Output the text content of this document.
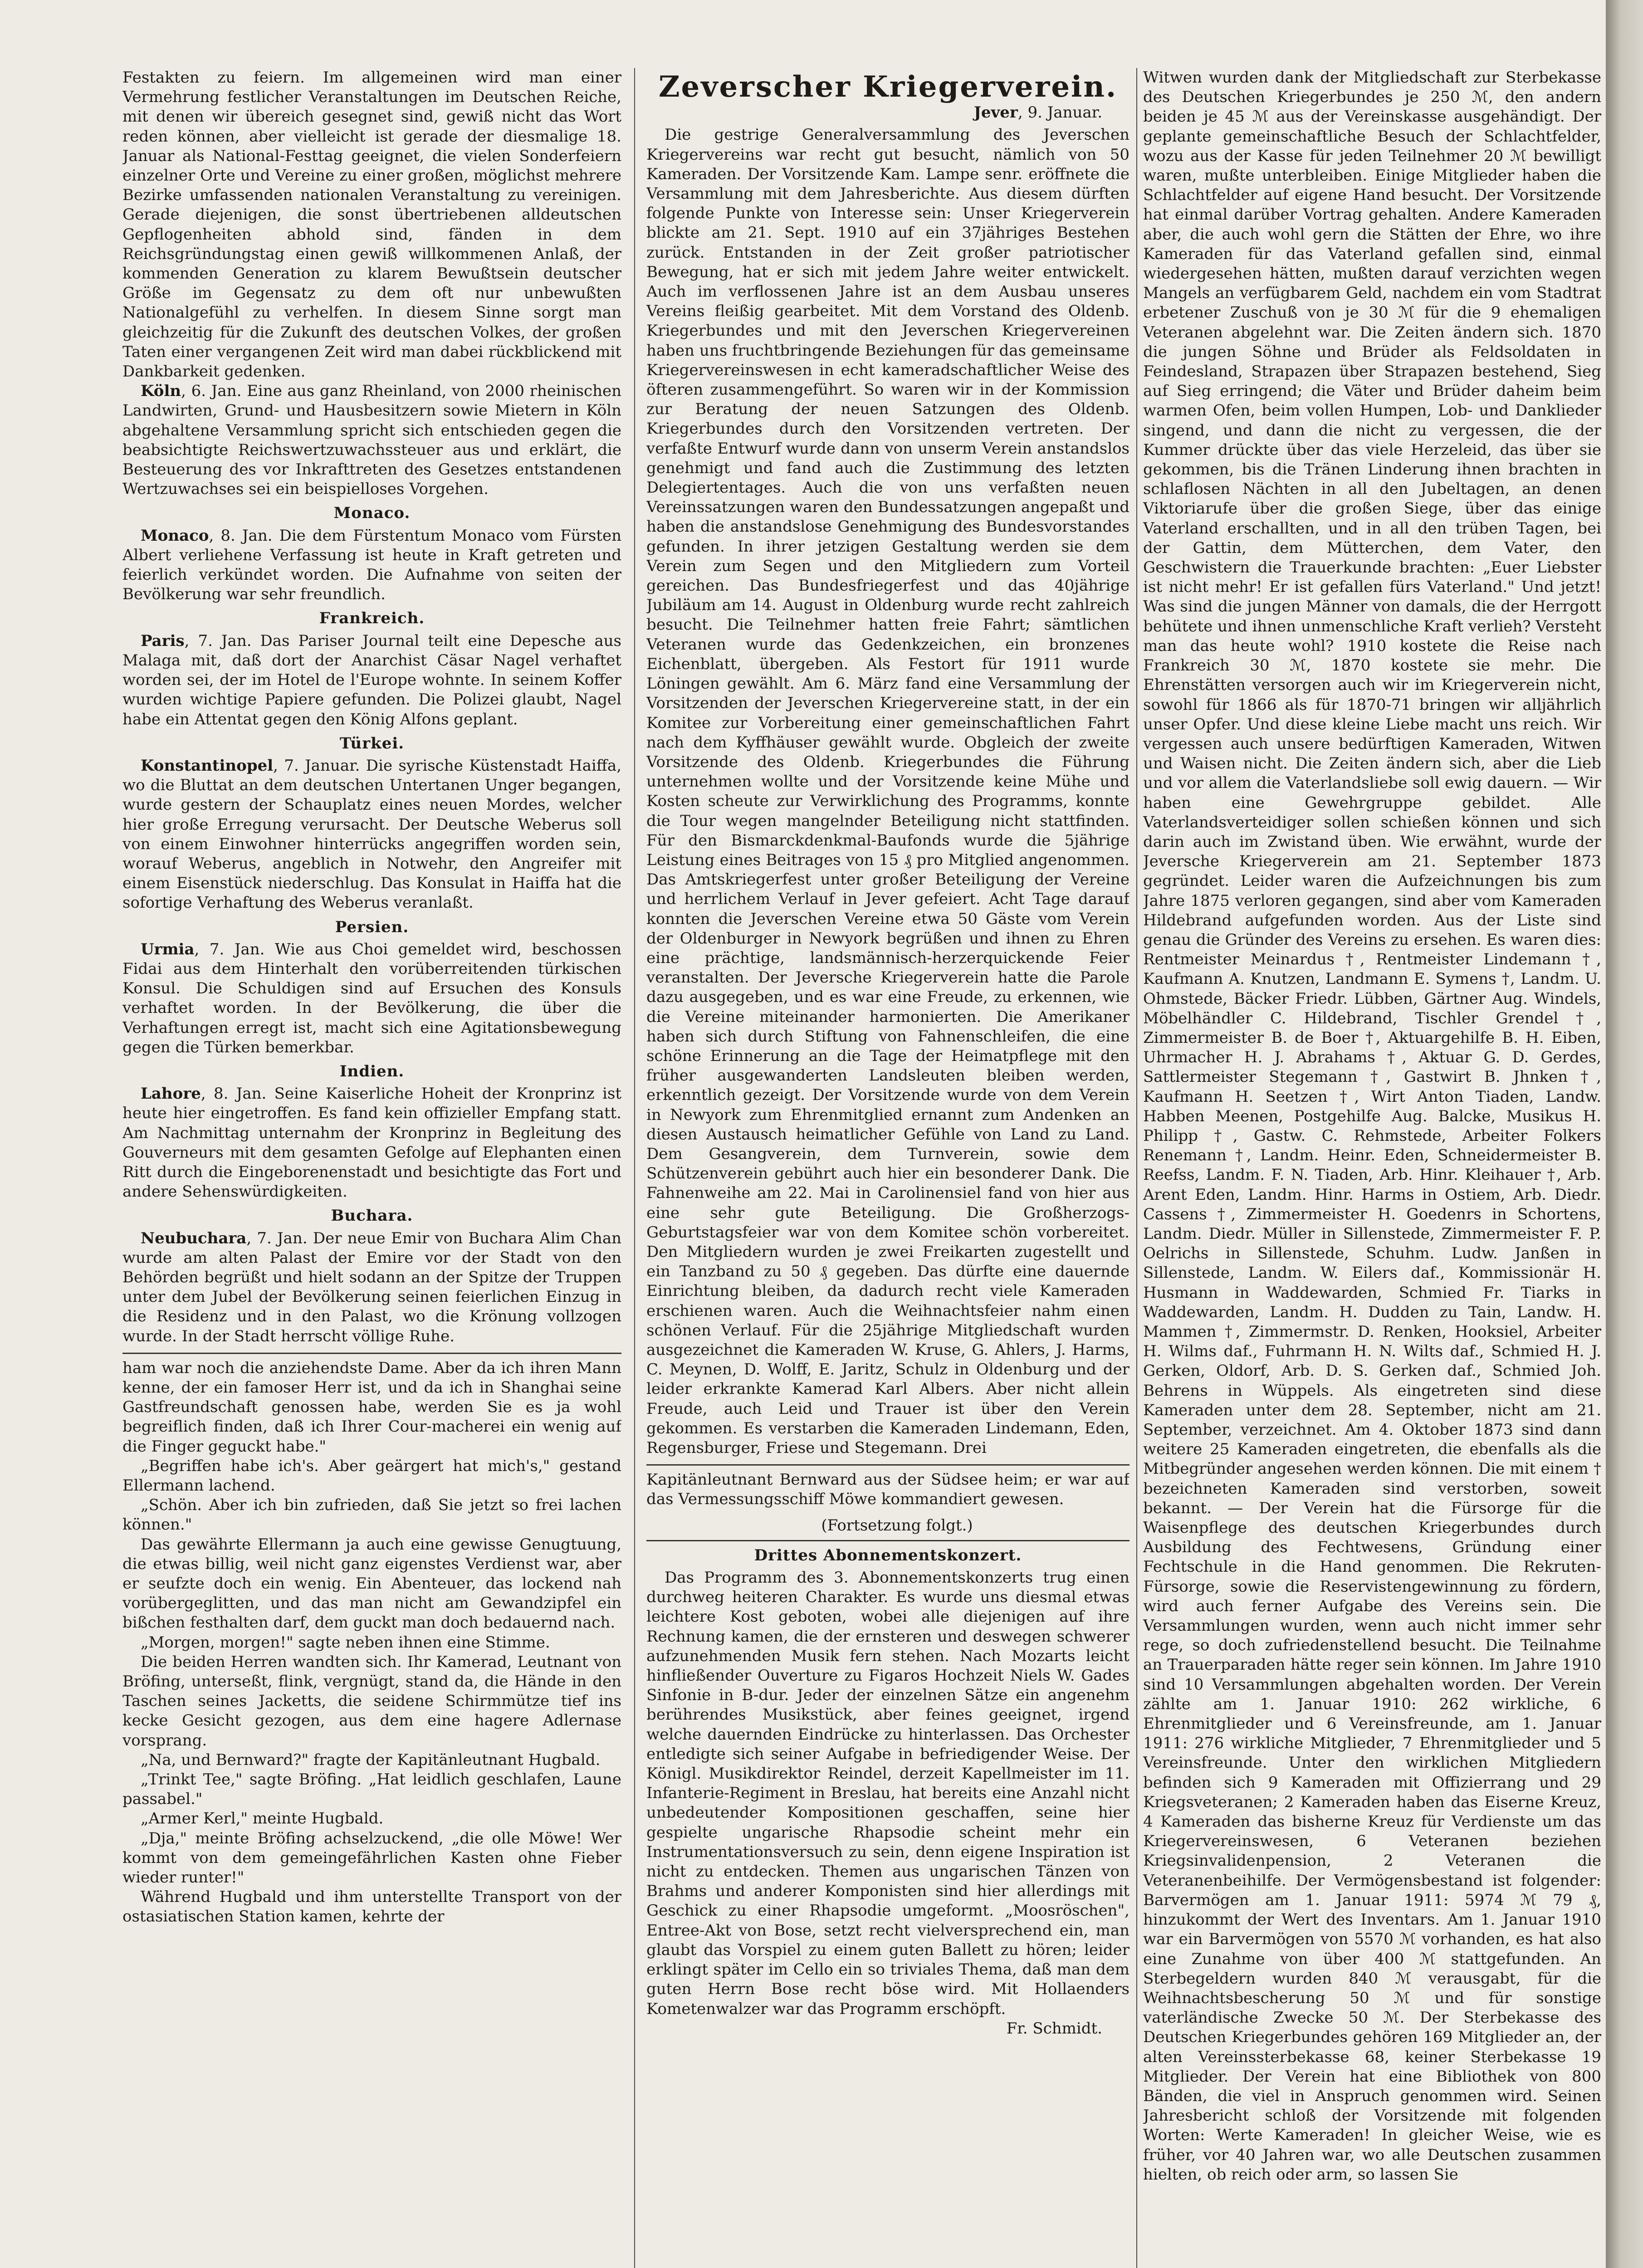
Festakten zu feiern. Im allgemeinen wird man einer Vermehrung festlicher Veranstaltungen im Deutschen Reiche, mit denen wir übereich gesegnet sind, gewiß nicht das Wort reden können, aber vielleicht ist gerade der diesmalige 18. Januar als National-Festtag geeignet, die vielen Sonderfeiern einzelner Orte und Vereine zu einer großen, möglichst mehrere Bezirke umfassenden nationalen Veranstaltung zu vereinigen. Gerade diejenigen, die sonst übertriebenen alldeutschen Gepflogenheiten abhold sind, fänden in dem Reichsgründungstag einen gewiß willkommenen Anlaß, der kommenden Generation zu klarem Bewußtsein deutscher Größe im Gegensatz zu dem oft nur unbewußten Nationalgefühl zu verhelfen. In diesem Sinne sorgt man gleichzeitig für die Zukunft des deutschen Volkes, der großen Taten einer vergangenen Zeit wird man dabei rückblickend mit Dankbarkeit gedenken.

Köln, 6. Jan. Eine aus ganz Rheinland, von 2000 rheinischen Landwirten, Grund- und Hausbesitzern sowie Mietern in Köln abgehaltene Versammlung spricht sich entschieden gegen die beabsichtigte Reichswertzuwachssteuer aus und erklärt, die Besteuerung des vor Inkrafttreten des Gesetzes entstandenen Wertzuwachses sei ein beispielloses Vorgehen.

Monaco.

Monaco, 8. Jan. Die dem Fürstentum Monaco vom Fürsten Albert verliehene Verfassung ist heute in Kraft getreten und feierlich verkündet worden. Die Aufnahme von seiten der Bevölkerung war sehr freundlich.

Frankreich.

Paris, 7. Jan. Das Pariser Journal teilt eine Depesche aus Malaga mit, daß dort der Anarchist Cäsar Nagel verhaftet worden sei, der im Hotel de l'Europe wohnte. In seinem Koffer wurden wichtige Papiere gefunden. Die Polizei glaubt, Nagel habe ein Attentat gegen den König Alfons geplant.

Türkei.

Konstantinopel, 7. Januar. Die syrische Küstenstadt Haiffa, wo die Bluttat an dem deutschen Untertanen Unger begangen, wurde gestern der Schauplatz eines neuen Mordes, welcher hier große Erregung verursacht. Der Deutsche Weberus soll von einem Einwohner hinterrücks angegriffen worden sein, worauf Weberus, angeblich in Notwehr, den Angreifer mit einem Eisenstück niederschlug. Das Konsulat in Haiffa hat die sofortige Verhaftung des Weberus veranlaßt.

Persien.

Urmia, 7. Jan. Wie aus Choi gemeldet wird, beschossen Fidai aus dem Hinterhalt den vorüberreitenden türkischen Konsul. Die Schuldigen sind auf Ersuchen des Konsuls verhaftet worden. In der Bevölkerung, die über die Verhaftungen erregt ist, macht sich eine Agitationsbewegung gegen die Türken bemerkbar.

Indien.

Lahore, 8. Jan. Seine Kaiserliche Hoheit der Kronprinz ist heute hier eingetroffen. Es fand kein offizieller Empfang statt. Am Nachmittag unternahm der Kronprinz in Begleitung des Gouverneurs mit dem gesamten Gefolge auf Elephanten einen Ritt durch die Eingeborenenstadt und besichtigte das Fort und andere Sehenswürdigkeiten.

Buchara.

Neubuchara, 7. Jan. Der neue Emir von Buchara Alim Chan wurde am alten Palast der Emire vor der Stadt von den Behörden begrüßt und hielt sodann an der Spitze der Truppen unter dem Jubel der Bevölkerung seinen feierlichen Einzug in die Residenz und in den Palast, wo die Krönung vollzogen wurde. In der Stadt herrscht völlige Ruhe.

ham war noch die anziehendste Dame. Aber da ich ihren Mann kenne, der ein famoser Herr ist, und da ich in Shanghai seine Gastfreundschaft genossen habe, werden Sie es ja wohl begreiflich finden, daß ich Ihrer Cour-macherei ein wenig auf die Finger geguckt habe."

„Begriffen habe ich's. Aber geärgert hat mich's," gestand Ellermann lachend.

„Schön. Aber ich bin zufrieden, daß Sie jetzt so frei lachen können."

Das gewährte Ellermann ja auch eine gewisse Genugtuung, die etwas billig, weil nicht ganz eigenstes Verdienst war, aber er seufzte doch ein wenig. Ein Abenteuer, das lockend nah vorübergeglitten, und das man nicht am Gewandzipfel ein bißchen festhalten darf, dem guckt man doch bedauernd nach.

„Morgen, morgen!" sagte neben ihnen eine Stimme.

Die beiden Herren wandten sich. Ihr Kamerad, Leutnant von Bröfing, unterseßt, flink, vergnügt, stand da, die Hände in den Taschen seines Jacketts, die seidene Schirmmütze tief ins kecke Gesicht gezogen, aus dem eine hagere Adlernase vorsprang.

„Na, und Bernward?" fragte der Kapitänleutnant Hugbald.

„Trinkt Tee," sagte Bröfing. „Hat leidlich geschlafen, Laune passabel."

„Armer Kerl," meinte Hugbald.

„Dja," meinte Bröfing achselzuckend, „die olle Möwe! Wer kommt von dem gemeingefährlichen Kasten ohne Fieber wieder runter!"

Während Hugbald und ihm unterstellte Transport von der ostasiatischen Station kamen, kehrte der

Zeverscher Kriegerverein.
Jever, 9. Januar.

Die gestrige Generalversammlung des Jeverschen Kriegervereins war recht gut besucht, nämlich von 50 Kameraden. Der Vorsitzende Kam. Lampe senr. eröffnete die Versammlung mit dem Jahresberichte. Aus diesem dürften folgende Punkte von Interesse sein: Unser Kriegerverein blickte am 21. Sept. 1910 auf ein 37jähriges Bestehen zurück. Entstanden in der Zeit großer patriotischer Bewegung, hat er sich mit jedem Jahre weiter entwickelt. Auch im verflossenen Jahre ist an dem Ausbau unseres Vereins fleißig gearbeitet. Mit dem Vorstand des Oldenb. Kriegerbundes und mit den Jeverschen Kriegervereinen haben uns fruchtbringende Beziehungen für das gemeinsame Kriegervereinswesen in echt kameradschaftlicher Weise des öfteren zusammengeführt. So waren wir in der Kommission zur Beratung der neuen Satzungen des Oldenb. Kriegerbundes durch den Vorsitzenden vertreten. Der verfaßte Entwurf wurde dann von unserm Verein anstandslos genehmigt und fand auch die Zustimmung des letzten Delegiertentages. Auch die von uns verfaßten neuen Vereinssatzungen waren den Bundessatzungen angepaßt und haben die anstandslose Genehmigung des Bundesvorstandes gefunden. In ihrer jetzigen Gestaltung werden sie dem Verein zum Segen und den Mitgliedern zum Vorteil gereichen. Das Bundesfriegerfest und das 40jährige Jubiläum am 14. August in Oldenburg wurde recht zahlreich besucht. Die Teilnehmer hatten freie Fahrt; sämtlichen Veteranen wurde das Gedenkzeichen, ein bronzenes Eichenblatt, übergeben. Als Festort für 1911 wurde Löningen gewählt. Am 6. März fand eine Versammlung der Vorsitzenden der Jeverschen Kriegervereine statt, in der ein Komitee zur Vorbereitung einer gemeinschaftlichen Fahrt nach dem Kyffhäuser gewählt wurde. Obgleich der zweite Vorsitzende des Oldenb. Kriegerbundes die Führung unternehmen wollte und der Vorsitzende keine Mühe und Kosten scheute zur Verwirklichung des Programms, konnte die Tour wegen mangelnder Beteiligung nicht stattfinden. Für den Bismarckdenkmal-Baufonds wurde die 5jährige Leistung eines Beitrages von 15 ₰ pro Mitglied angenommen. Das Amtskriegerfest unter großer Beteiligung der Vereine und herrlichem Verlauf in Jever gefeiert. Acht Tage darauf konnten die Jeverschen Vereine etwa 50 Gäste vom Verein der Oldenburger in Newyork begrüßen und ihnen zu Ehren eine prächtige, landsmännisch-herzerquickende Feier veranstalten. Der Jeversche Kriegerverein hatte die Parole dazu ausgegeben, und es war eine Freude, zu erkennen, wie die Vereine miteinander harmonierten. Die Amerikaner haben sich durch Stiftung von Fahnenschleifen, die eine schöne Erinnerung an die Tage der Heimatpflege mit den früher ausgewanderten Landsleuten bleiben werden, erkenntlich gezeigt. Der Vorsitzende wurde von dem Verein in Newyork zum Ehrenmitglied ernannt zum Andenken an diesen Austausch heimatlicher Gefühle von Land zu Land. Dem Gesangverein, dem Turnverein, sowie dem Schützenverein gebührt auch hier ein besonderer Dank. Die Fahnenweihe am 22. Mai in Carolinensiel fand von hier aus eine sehr gute Beteiligung. Die Großherzogs-Geburtstagsfeier war von dem Komitee schön vorbereitet. Den Mitgliedern wurden je zwei Freikarten zugestellt und ein Tanzband zu 50 ₰ gegeben. Das dürfte eine dauernde Einrichtung bleiben, da dadurch recht viele Kameraden erschienen waren. Auch die Weihnachtsfeier nahm einen schönen Verlauf. Für die 25jährige Mitgliedschaft wurden ausgezeichnet die Kameraden W. Kruse, G. Ahlers, J. Harms, C. Meynen, D. Wolff, E. Jaritz, Schulz in Oldenburg und der leider erkrankte Kamerad Karl Albers. Aber nicht allein Freude, auch Leid und Trauer ist über den Verein gekommen. Es verstarben die Kameraden Lindemann, Eden, Regensburger, Friese und Stegemann. Drei

Kapitänleutnant Bernward aus der Südsee heim; er war auf das Vermessungsschiff Möwe kommandiert gewesen.

(Fortsetzung folgt.)

Drittes Abonnementskonzert.

Das Programm des 3. Abonnementskonzerts trug einen durchweg heiteren Charakter. Es wurde uns diesmal etwas leichtere Kost geboten, wobei alle diejenigen auf ihre Rechnung kamen, die der ernsteren und deswegen schwerer aufzunehmenden Musik fern stehen. Nach Mozarts leicht hinfließender Ouverture zu Figaros Hochzeit Niels W. Gades Sinfonie in B-dur. Jeder der einzelnen Sätze ein angenehm berührendes Musikstück, aber feines geeignet, irgend welche dauernden Eindrücke zu hinterlassen. Das Orchester entledigte sich seiner Aufgabe in befriedigender Weise. Der Königl. Musikdirektor Reindel, derzeit Kapellmeister im 11. Infanterie-Regiment in Breslau, hat bereits eine Anzahl nicht unbedeutender Kompositionen geschaffen, seine hier gespielte ungarische Rhapsodie scheint mehr ein Instrumentationsversuch zu sein, denn eigene Inspiration ist nicht zu entdecken. Themen aus ungarischen Tänzen von Brahms und anderer Komponisten sind hier allerdings mit Geschick zu einer Rhapsodie umgeformt. „Moosröschen", Entree-Akt von Bose, setzt recht vielversprechend ein, man glaubt das Vorspiel zu einem guten Ballett zu hören; leider erklingt später im Cello ein so triviales Thema, daß man dem guten Herrn Bose recht böse wird. Mit Hollaenders Kometenwalzer war das Programm erschöpft.

Fr. Schmidt.

Witwen wurden dank der Mitgliedschaft zur Sterbekasse des Deutschen Kriegerbundes je 250 ℳ, den andern beiden je 45 ℳ aus der Vereinskasse ausgehändigt. Der geplante gemeinschaftliche Besuch der Schlachtfelder, wozu aus der Kasse für jeden Teilnehmer 20 ℳ bewilligt waren, mußte unterbleiben. Einige Mitglieder haben die Schlachtfelder auf eigene Hand besucht. Der Vorsitzende hat einmal darüber Vortrag gehalten. Andere Kameraden aber, die auch wohl gern die Stätten der Ehre, wo ihre Kameraden für das Vaterland gefallen sind, einmal wiedergesehen hätten, mußten darauf verzichten wegen Mangels an verfügbarem Geld, nachdem ein vom Stadtrat erbetener Zuschuß von je 30 ℳ für die 9 ehemaligen Veteranen abgelehnt war. Die Zeiten ändern sich. 1870 die jungen Söhne und Brüder als Feldsoldaten in Feindesland, Strapazen über Strapazen bestehend, Sieg auf Sieg erringend; die Väter und Brüder daheim beim warmen Ofen, beim vollen Humpen, Lob- und Danklieder singend, und dann die nicht zu vergessen, die der Kummer drückte über das viele Herzeleid, das über sie gekommen, bis die Tränen Linderung ihnen brachten in schlaflosen Nächten in all den Jubeltagen, an denen Viktoriarufe über die großen Siege, über das einige Vaterland erschallten, und in all den trüben Tagen, bei der Gattin, dem Mütterchen, dem Vater, den Geschwistern die Trauerkunde brachten: „Euer Liebster ist nicht mehr! Er ist gefallen fürs Vaterland." Und jetzt! Was sind die jungen Männer von damals, die der Herrgott behütete und ihnen unmenschliche Kraft verlieh? Versteht man das heute wohl? 1910 kostete die Reise nach Frankreich 30 ℳ, 1870 kostete sie mehr. Die Ehrenstätten versorgen auch wir im Kriegerverein nicht, sowohl für 1866 als für 1870-71 bringen wir alljährlich unser Opfer. Und diese kleine Liebe macht uns reich. Wir vergessen auch unsere bedürftigen Kameraden, Witwen und Waisen nicht. Die Zeiten ändern sich, aber die Lieb und vor allem die Vaterlandsliebe soll ewig dauern. — Wir haben eine Gewehrgruppe gebildet. Alle Vaterlandsverteidiger sollen schießen können und sich darin auch im Zwistand üben. Wie erwähnt, wurde der Jeversche Kriegerverein am 21. September 1873 gegründet. Leider waren die Aufzeichnungen bis zum Jahre 1875 verloren gegangen, sind aber vom Kameraden Hildebrand aufgefunden worden. Aus der Liste sind genau die Gründer des Vereins zu ersehen. Es waren dies: Rentmeister Meinardus †, Rentmeister Lindemann †, Kaufmann A. Knutzen, Landmann E. Symens †, Landm. U. Ohmstede, Bäcker Friedr. Lübben, Gärtner Aug. Windels, Möbelhändler C. Hildebrand, Tischler Grendel †, Zimmermeister B. de Boer †, Aktuargehilfe B. H. Eiben, Uhrmacher H. J. Abrahams †, Aktuar G. D. Gerdes, Sattlermeister Stegemann †, Gastwirt B. Jhnken †, Kaufmann H. Seetzen †, Wirt Anton Tiaden, Landw. Habben Meenen, Postgehilfe Aug. Balcke, Musikus H. Philipp †, Gastw. C. Rehmstede, Arbeiter Folkers Renemann †, Landm. Heinr. Eden, Schneidermeister B. Reefss, Landm. F. N. Tiaden, Arb. Hinr. Kleihauer †, Arb. Arent Eden, Landm. Hinr. Harms in Ostiem, Arb. Diedr. Cassens †, Zimmermeister H. Goedenrs in Schortens, Landm. Diedr. Müller in Sillenstede, Zimmermeister F. P. Oelrichs in Sillenstede, Schuhm. Ludw. Janßen in Sillenstede, Landm. W. Eilers daf., Kommissionär H. Husmann in Waddewarden, Schmied Fr. Tiarks in Waddewarden, Landm. H. Dudden zu Tain, Landw. H. Mammen †, Zimmermstr. D. Renken, Hooksiel, Arbeiter H. Wilms daf., Fuhrmann H. N. Wilts daf., Schmied H. J. Gerken, Oldorf, Arb. D. S. Gerken daf., Schmied Joh. Behrens in Wüppels. Als eingetreten sind diese Kameraden unter dem 28. September, nicht am 21. September, verzeichnet. Am 4. Oktober 1873 sind dann weitere 25 Kameraden eingetreten, die ebenfalls als die Mitbegründer angesehen werden können. Die mit einem † bezeichneten Kameraden sind verstorben, soweit bekannt. — Der Verein hat die Fürsorge für die Waisenpflege des deutschen Kriegerbundes durch Ausbildung des Fechtwesens, Gründung einer Fechtschule in die Hand genommen. Die Rekruten-Fürsorge, sowie die Reservistengewinnung zu fördern, wird auch ferner Aufgabe des Vereins sein. Die Versammlungen wurden, wenn auch nicht immer sehr rege, so doch zufriedenstellend besucht. Die Teilnahme an Trauerparaden hätte reger sein können. Im Jahre 1910 sind 10 Versammlungen abgehalten worden. Der Verein zählte am 1. Januar 1910: 262 wirkliche, 6 Ehrenmitglieder und 6 Vereinsfreunde, am 1. Januar 1911: 276 wirkliche Mitglieder, 7 Ehrenmitglieder und 5 Vereinsfreunde. Unter den wirklichen Mitgliedern befinden sich 9 Kameraden mit Offizierrang und 29 Kriegsveteranen; 2 Kameraden haben das Eiserne Kreuz, 4 Kameraden das bisherne Kreuz für Verdienste um das Kriegervereinswesen, 6 Veteranen beziehen Kriegsinvalidenpension, 2 Veteranen die Veteranenbeihilfe. Der Vermögensbestand ist folgender: Barvermögen am 1. Januar 1911: 5974 ℳ 79 ₰, hinzukommt der Wert des Inventars. Am 1. Januar 1910 war ein Barvermögen von 5570 ℳ vorhanden, es hat also eine Zunahme von über 400 ℳ stattgefunden. An Sterbegeldern wurden 840 ℳ verausgabt, für die Weihnachtsbescherung 50 ℳ und für sonstige vaterländische Zwecke 50 ℳ. Der Sterbekasse des Deutschen Kriegerbundes gehören 169 Mitglieder an, der alten Vereinssterbekasse 68, keiner Sterbekasse 19 Mitglieder. Der Verein hat eine Bibliothek von 800 Bänden, die viel in Anspruch genommen wird. Seinen Jahresbericht schloß der Vorsitzende mit folgenden Worten: Werte Kameraden! In gleicher Weise, wie es früher, vor 40 Jahren war, wo alle Deutschen zusammen hielten, ob reich oder arm, so lassen Sie
